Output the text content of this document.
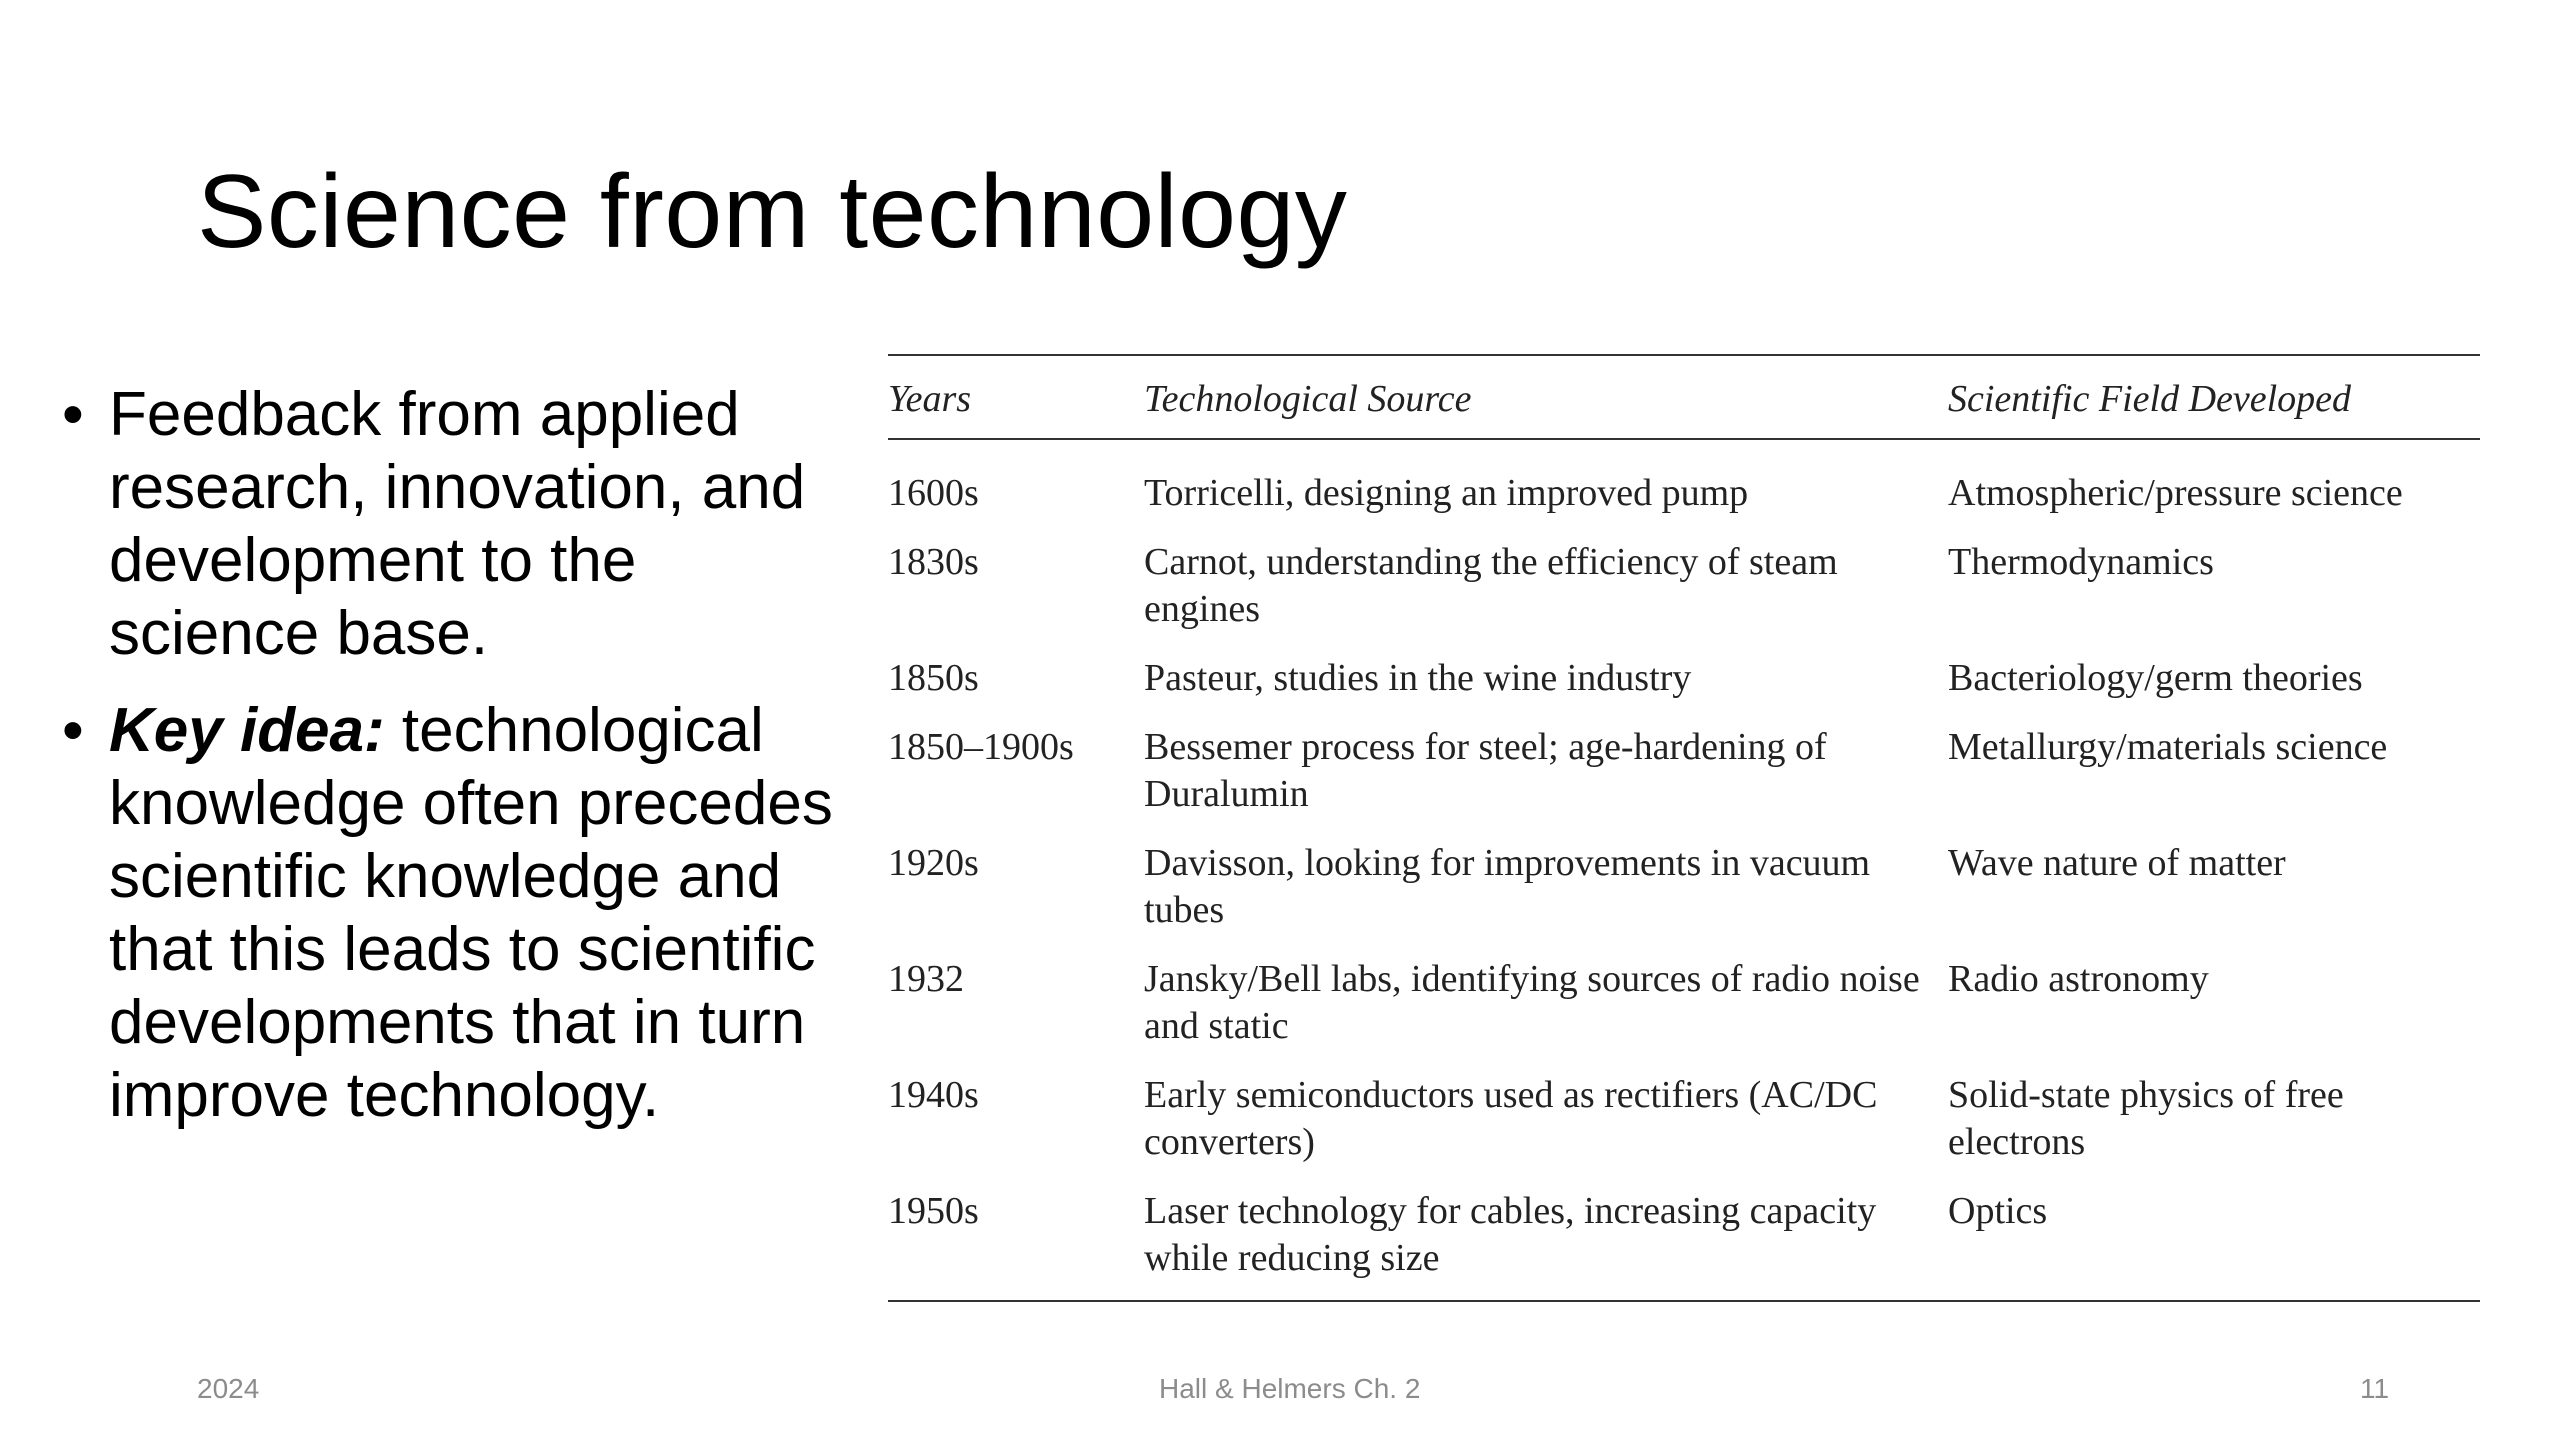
Science from technology
• Feedback from applied research, innovation, and development to the science base.
• Key idea: technological knowledge often precedes scientific knowledge and that this leads to scientific developments that in turn improve technology.
Years	Technological Source	Scientific Field Developed

1600s	Torricelli, designing an improved pump	Atmospheric/pressure science
1830s	Carnot, understanding the efficiency of steam engines	Thermodynamics
1850s	Pasteur, studies in the wine industry	Bacteriology/germ theories
1850–1900s	Bessemer process for steel; age-hardening of Duralumin	Metallurgy/materials science
1920s	Davisson, looking for improvements in vacuum tubes	Wave nature of matter
1932	Jansky/Bell labs, identifying sources of radio noise and static	Radio astronomy
1940s	Early semiconductors used as rectifiers (AC/DC converters)	Solid-state physics of free electrons
1950s	Laser technology for cables, increasing capacity while reducing size	Optics
2024	Hall & Helmers Ch. 2	11
